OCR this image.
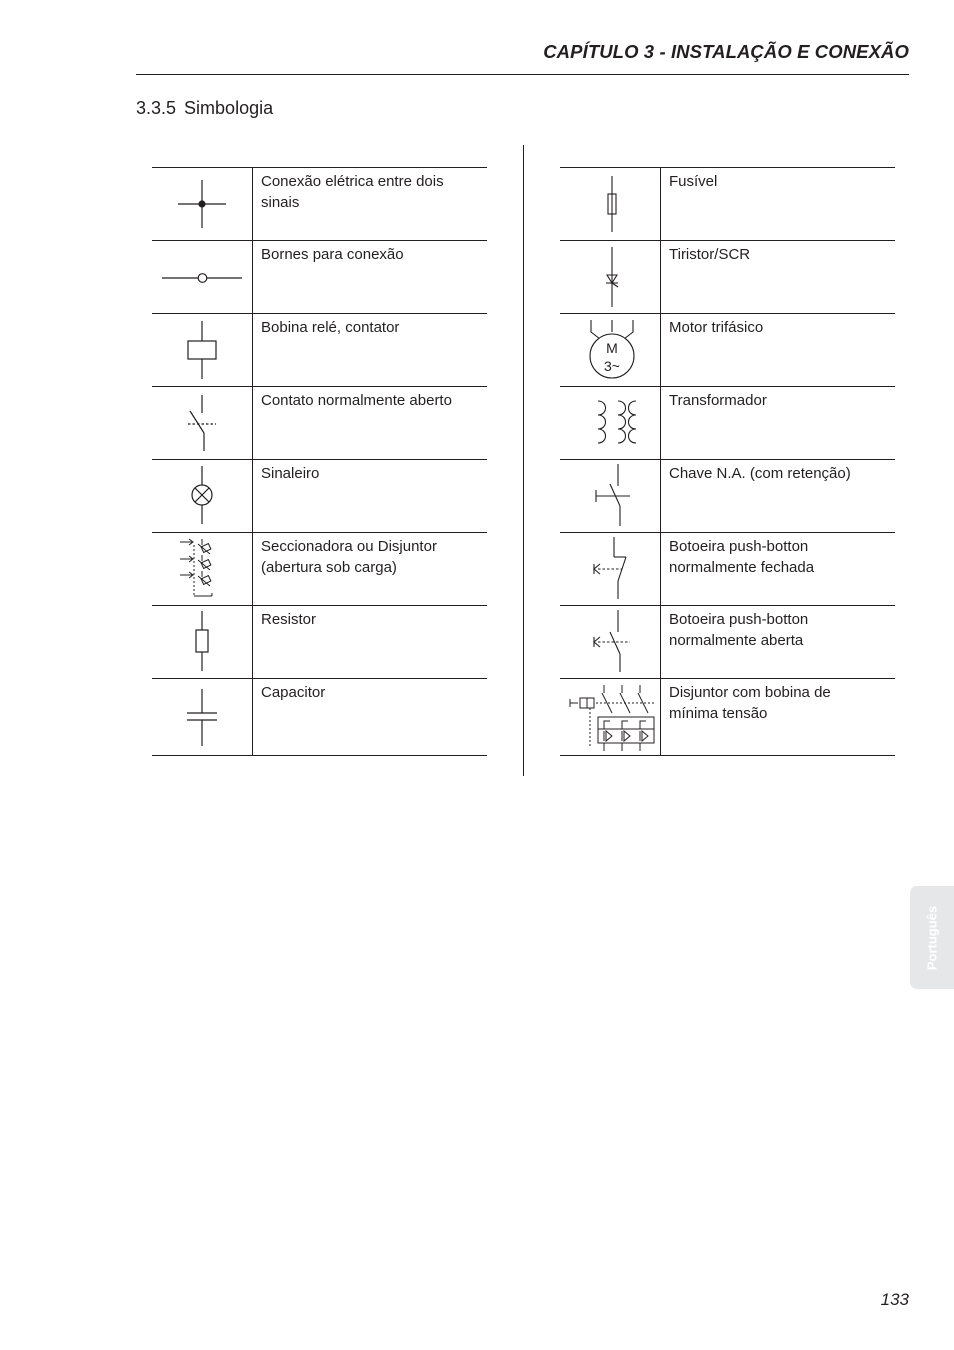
CAPÍTULO 3 - INSTALAÇÃO E CONEXÃO
3.3.5 Simbologia
Conexão elétrica entre dois
sinais
Bornes para conexão
Bobina relé, contator
Contato normalmente aberto
Sinaleiro
Seccionadora ou Disjuntor
(abertura sob carga)
Resistor
Capacitor
Fusível
Tiristor/SCR
M
3~
Motor trifásico
Transformador
Chave N.A. (com retenção)
Botoeira push-botton
normalmente fechada
Botoeira push-botton
normalmente aberta
Disjuntor com bobina de
mínima tensão
Português
133
